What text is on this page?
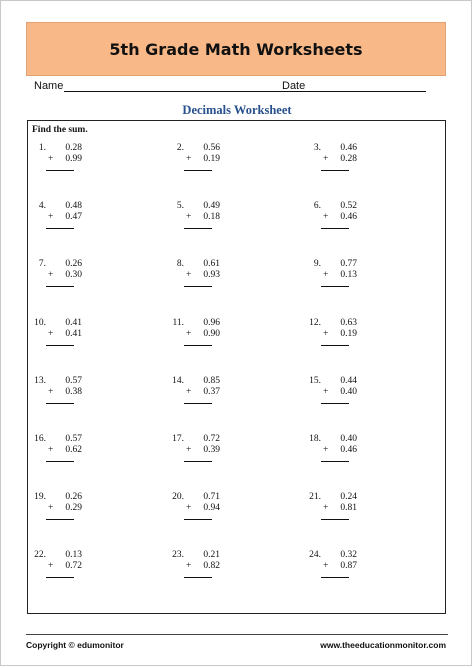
5th Grade Math Worksheets
Name	Date
Decimals Worksheet
Find the sum.
1.	0.28
+	0.99
2.	0.56
+	0.19
3.	0.46
+	0.28
4.	0.48
+	0.47
5.	0.49
+	0.18
6.	0.52
+	0.46
7.	0.26
+	0.30
8.	0.61
+	0.93
9.	0.77
+	0.13
10.	0.41
+	0.41
11.	0.96
+	0.90
12.	0.63
+	0.19
13.	0.57
+	0.38
14.	0.85
+	0.37
15.	0.44
+	0.40
16.	0.57
+	0.62
17.	0.72
+	0.39
18.	0.40
+	0.46
19.	0.26
+	0.29
20.	0.71
+	0.94
21.	0.24
+	0.81
22.	0.13
+	0.72
23.	0.21
+	0.82
24.	0.32
+	0.87
Copyright © edumonitor	www.theeducationmonitor.com
